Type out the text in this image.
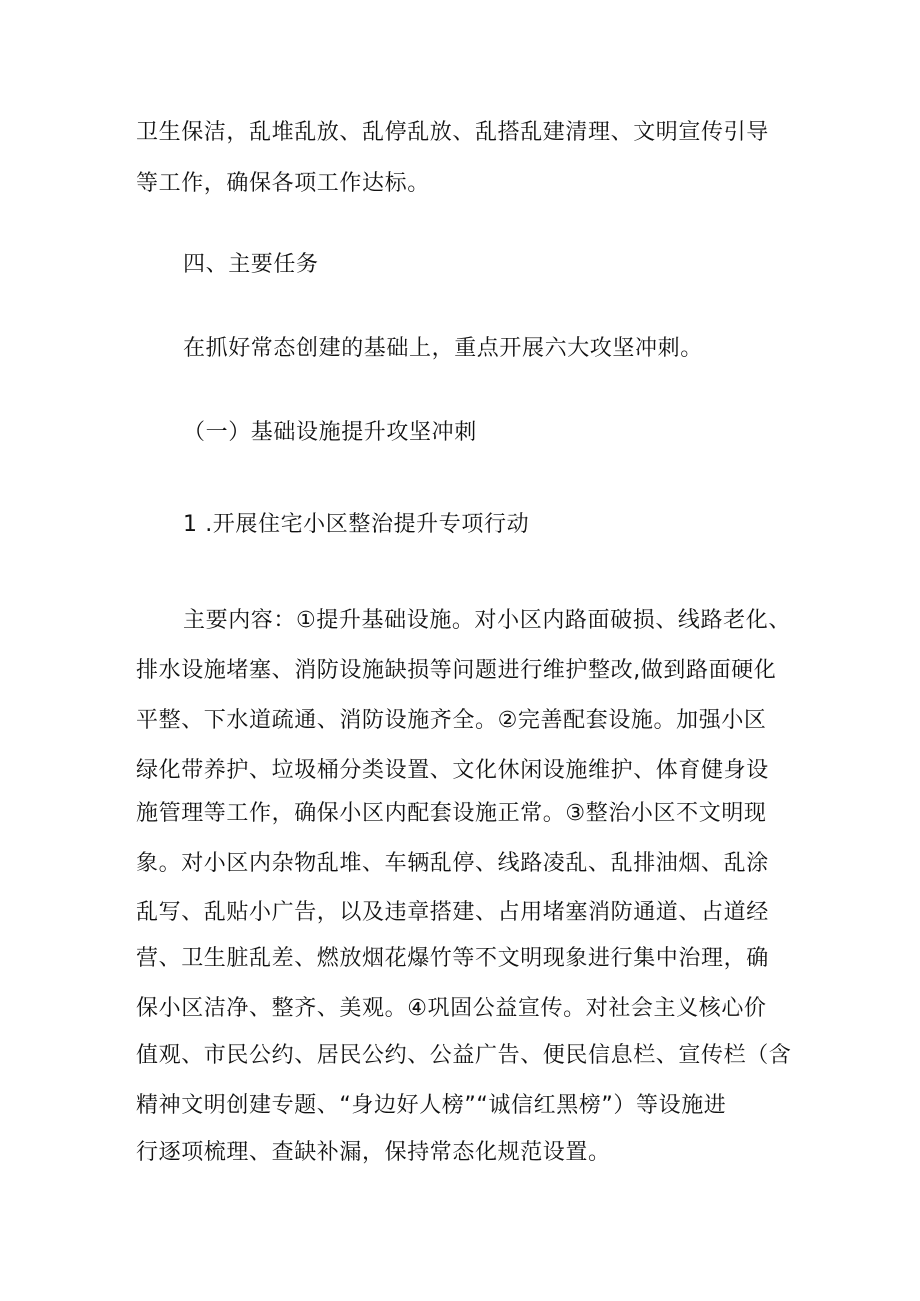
卫生保洁，乱堆乱放、乱停乱放、乱搭乱建清理、文明宣传引导
等工作，确保各项工作达标。
四、主要任务
在抓好常态创建的基础上，重点开展六大攻坚冲刺。
（一）基础设施提升攻坚冲刺
1 .开展住宅小区整治提升专项行动
主要内容：①提升基础设施。对小区内路面破损、线路老化、
排水设施堵塞、消防设施缺损等问题进行维护整改,做到路面硬化
平整、下水道疏通、消防设施齐全。②完善配套设施。加强小区
绿化带养护、垃圾桶分类设置、文化休闲设施维护、体育健身设
施管理等工作，确保小区内配套设施正常。③整治小区不文明现
象。对小区内杂物乱堆、车辆乱停、线路凌乱、乱排油烟、乱涂
乱写、乱贴小广告，以及违章搭建、占用堵塞消防通道、占道经
营、卫生脏乱差、燃放烟花爆竹等不文明现象进行集中治理，确
保小区洁净、整齐、美观。④巩固公益宣传。对社会主义核心价
值观、市民公约、居民公约、公益广告、便民信息栏、宣传栏（含
精神文明创建专题、“身边好人榜”“诚信红黑榜”）等设施进
行逐项梳理、查缺补漏，保持常态化规范设置。
